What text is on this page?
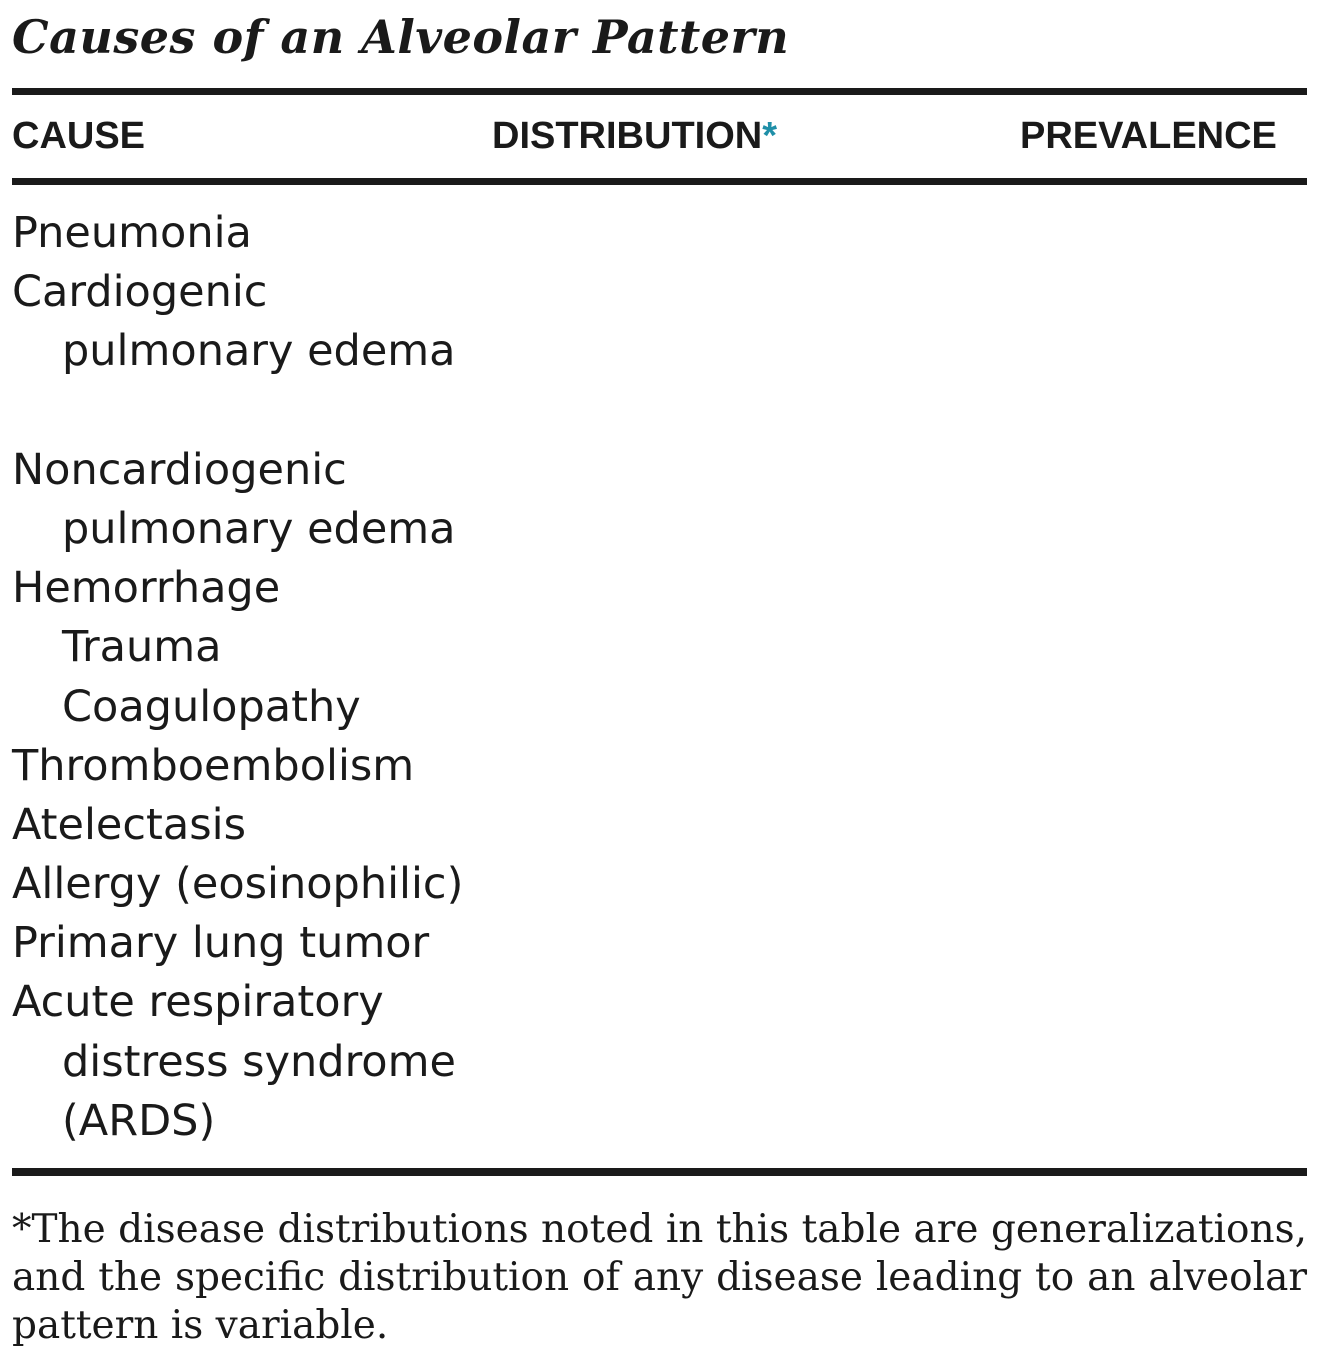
Causes of an Alveolar Pattern
CAUSE	DISTRIBUTION*	PREVALENCE
Pneumonia
Cardiogenic
pulmonary edema
Noncardiogenic
pulmonary edema
Hemorrhage
Trauma
Coagulopathy
Thromboembolism
Atelectasis
Allergy (eosinophilic)
Primary lung tumor
Acute respiratory
distress syndrome
(ARDS)

*The disease distributions noted in this table are generalizations, and the specific distribution of any disease leading to an alveolar pattern is variable.
